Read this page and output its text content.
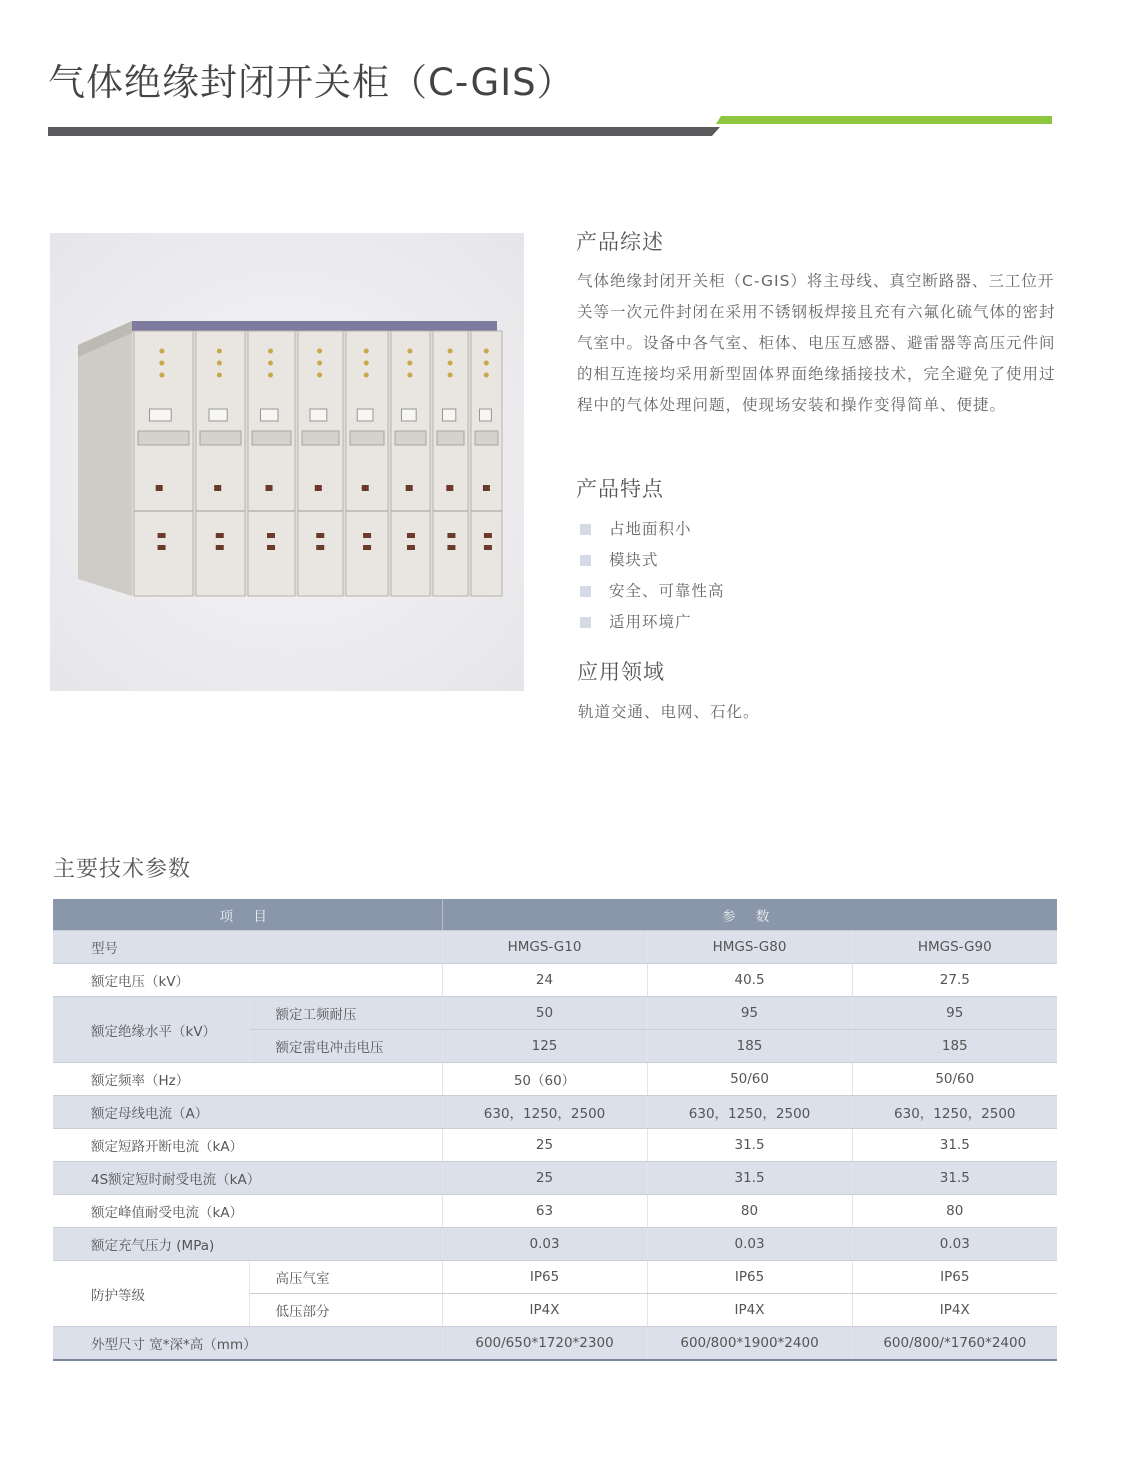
气体绝缘封闭开关柜（C-GIS）
产品综述
气体绝缘封闭开关柜（C-GIS）将主母线、真空断路器、三工位开关等一次元件封闭在采用不锈钢板焊接且充有六氟化硫气体的密封气室中。设备中各气室、柜体、电压互感器、避雷器等高压元件间的相互连接均采用新型固体界面绝缘插接技术，完全避免了使用过程中的气体处理问题，使现场安装和操作变得简单、便捷。
产品特点
占地面积小
模块式
安全、可靠性高
适用环境广
应用领域
轨道交通、电网、石化。
主要技术参数
项 目		参 数		
型号		HMGS-G10	HMGS-G80	HMGS-G90
额定电压（kV）		24	40.5	27.5
额定绝缘水平（kV）	额定工频耐压	50	95	95
	额定雷电冲击电压	125	185	185
额定频率（Hz）		50（60）	50/60	50/60
额定母线电流（A）		630，1250，2500	630，1250，2500	630，1250，2500
额定短路开断电流（kA）		25	31.5	31.5
4S额定短时耐受电流（kA）		25	31.5	31.5
额定峰值耐受电流（kA）		63	80	80
额定充气压力 (MPa)		0.03	0.03	0.03
防护等级	高压气室	IP65	IP65	IP65
	低压部分	IP4X	IP4X	IP4X
外型尺寸 宽*深*高（mm）		600/650*1720*2300	600/800*1900*2400	600/800/*1760*2400
